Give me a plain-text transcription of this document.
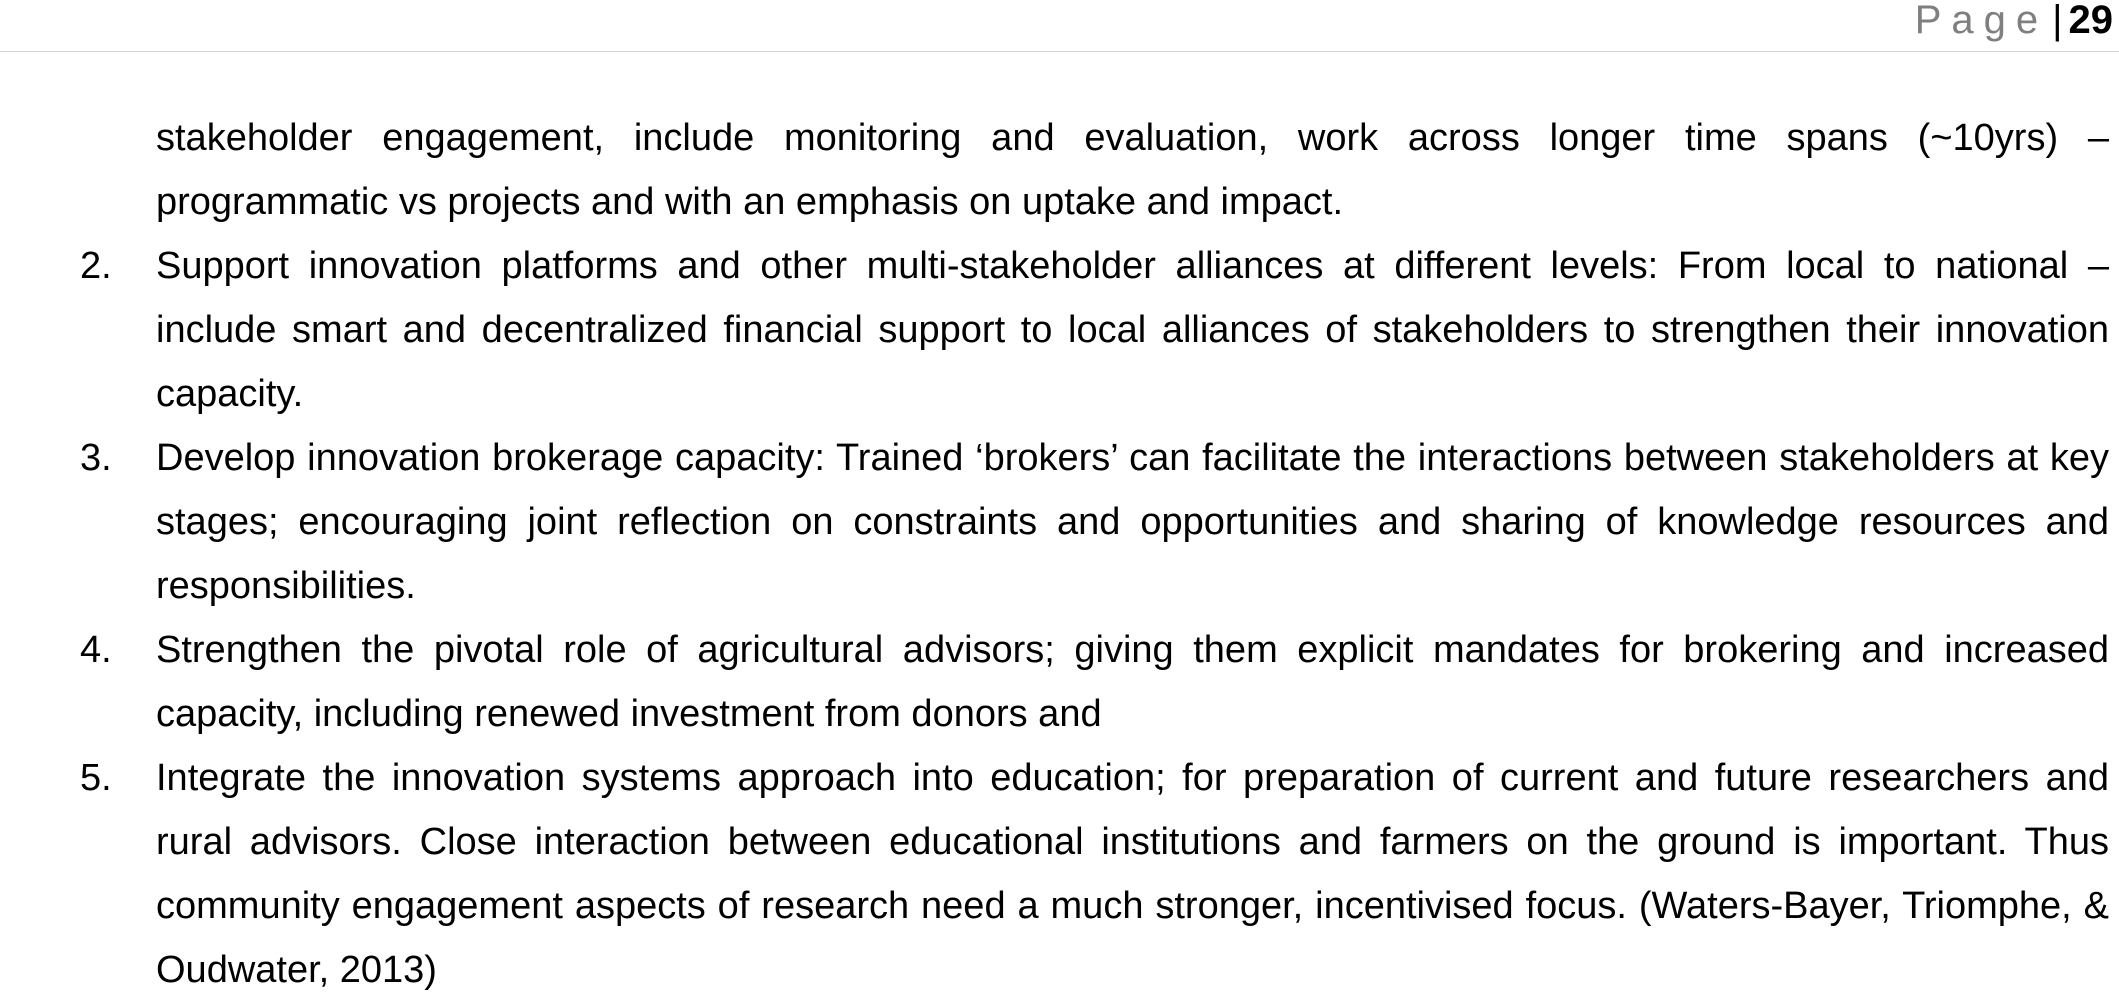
Page | 29
stakeholder engagement, include monitoring and evaluation, work across longer time spans (~10yrs) – programmatic vs projects and with an emphasis on uptake and impact.
2. Support innovation platforms and other multi-stakeholder alliances at different levels: From local to national – include smart and decentralized financial support to local alliances of stakeholders to strengthen their innovation capacity.
3. Develop innovation brokerage capacity: Trained ‘brokers’ can facilitate the interactions between stakeholders at key stages; encouraging joint reflection on constraints and opportunities and sharing of knowledge resources and responsibilities.
4. Strengthen the pivotal role of agricultural advisors; giving them explicit mandates for brokering and increased capacity, including renewed investment from donors and
5. Integrate the innovation systems approach into education; for preparation of current and future researchers and rural advisors. Close interaction between educational institutions and farmers on the ground is important. Thus community engagement aspects of research need a much stronger, incentivised focus. (Waters-Bayer, Triomphe, & Oudwater, 2013)
